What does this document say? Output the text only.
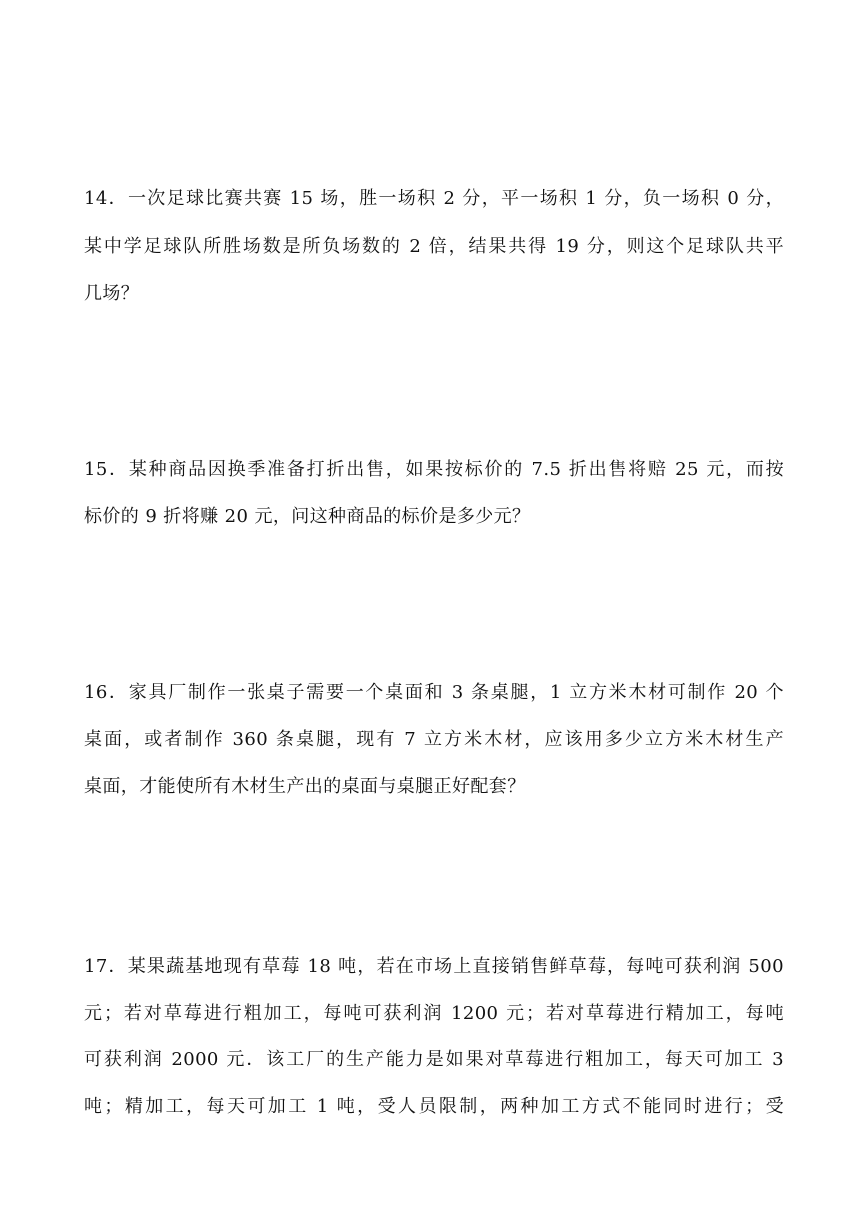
14．一次足球比赛共赛 15 场，胜一场积 2 分，平一场积 1 分，负一场积 0 分，
某中学足球队所胜场数是所负场数的 2 倍，结果共得 19 分，则这个足球队共平
几场？
15．某种商品因换季准备打折出售，如果按标价的 7.5 折出售将赔 25 元，而按
标价的 9 折将赚 20 元，问这种商品的标价是多少元？
16．家具厂制作一张桌子需要一个桌面和 3 条桌腿，1 立方米木材可制作 20 个
桌面，或者制作 360 条桌腿，现有 7 立方米木材，应该用多少立方米木材生产
桌面，才能使所有木材生产出的桌面与桌腿正好配套？
17．某果蔬基地现有草莓 18 吨，若在市场上直接销售鲜草莓，每吨可获利润 500
元；若对草莓进行粗加工，每吨可获利润 1200 元；若对草莓进行精加工，每吨
可获利润 2000 元．该工厂的生产能力是如果对草莓进行粗加工，每天可加工 3
吨；精加工，每天可加工 1 吨，受人员限制，两种加工方式不能同时进行；受
